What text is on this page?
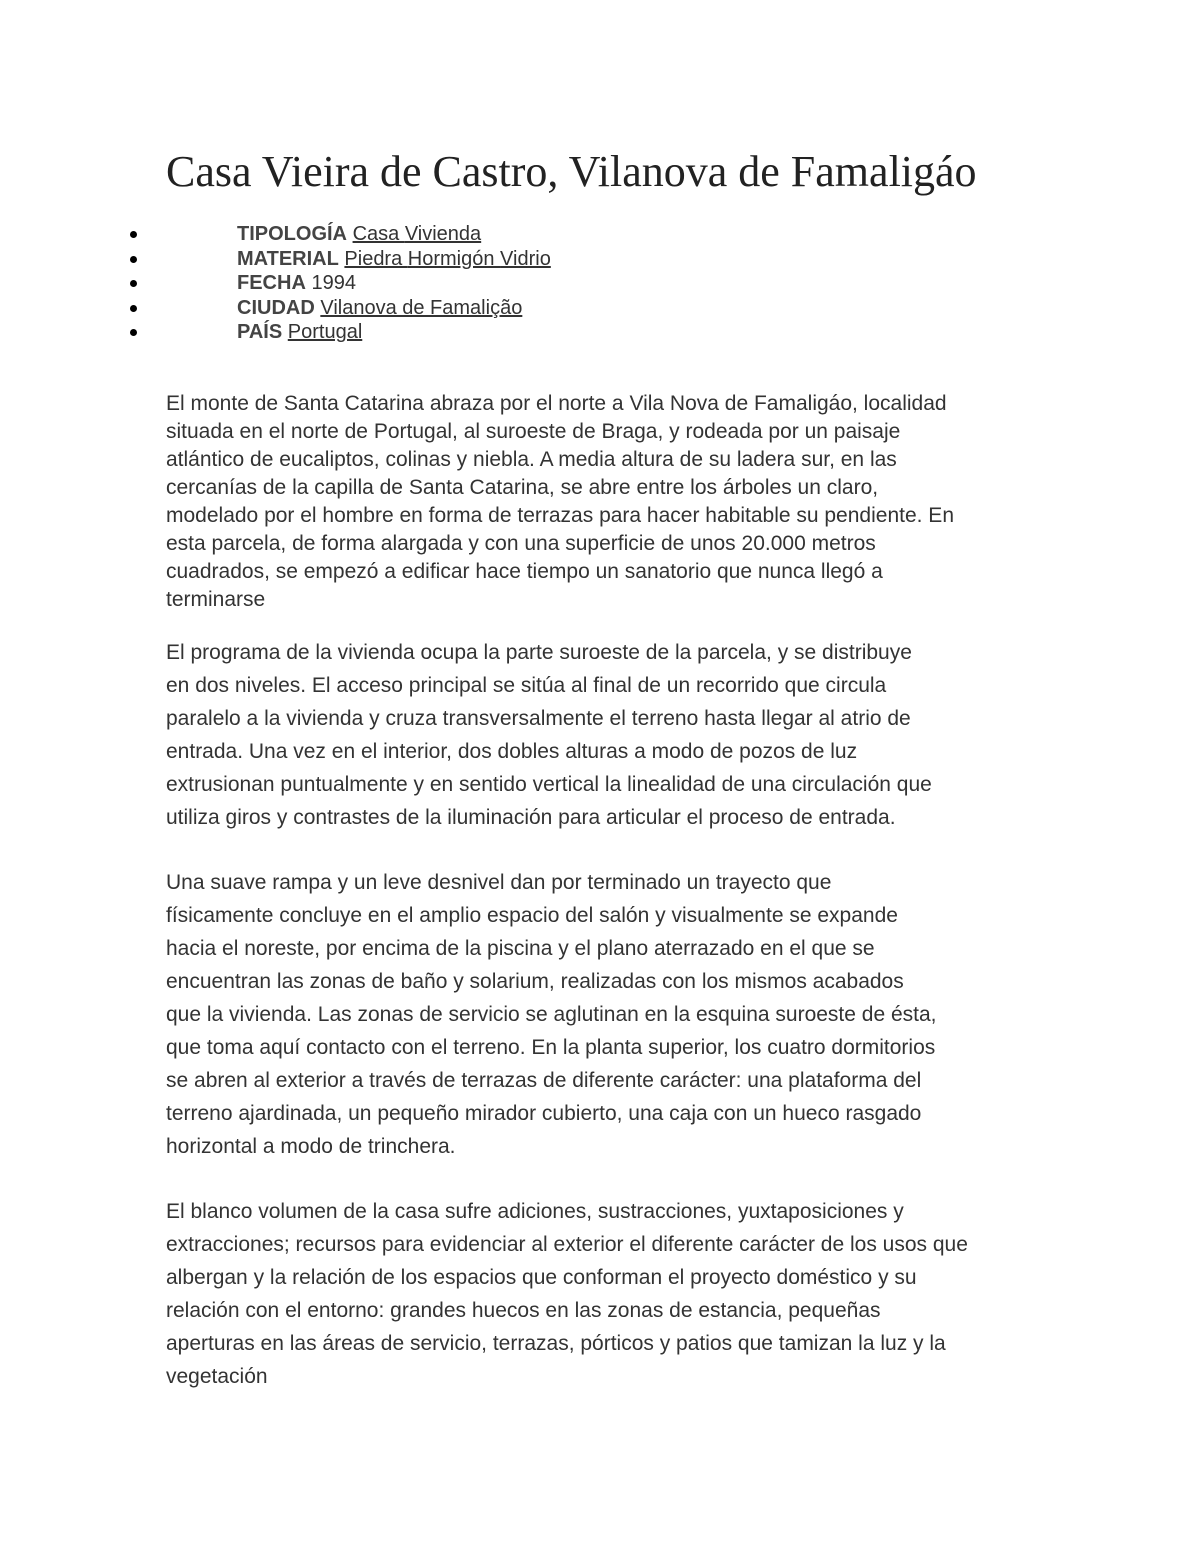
Casa Vieira de Castro, Vilanova de Famaligáo
TIPOLOGÍA Casa Vivienda
MATERIAL Piedra Hormigón Vidrio
FECHA 1994
CIUDAD Vilanova de Famalição
PAÍS Portugal

El monte de Santa Catarina abraza por el norte a Vila Nova de Famaligáo, localidad
situada en el norte de Portugal, al suroeste de Braga, y rodeada por un paisaje
atlántico de eucaliptos, colinas y niebla. A media altura de su ladera sur, en las
cercanías de la capilla de Santa Catarina, se abre entre los árboles un claro,
modelado por el hombre en forma de terrazas para hacer habitable su pendiente. En
esta parcela, de forma alargada y con una superficie de unos 20.000 metros
cuadrados, se empezó a edificar hace tiempo un sanatorio que nunca llegó a
terminarse

El programa de la vivienda ocupa la parte suroeste de la parcela, y se distribuye
en dos niveles. El acceso principal se sitúa al final de un recorrido que circula
paralelo a la vivienda y cruza transversalmente el terreno hasta llegar al atrio de
entrada. Una vez en el interior, dos dobles alturas a modo de pozos de luz
extrusionan puntualmente y en sentido vertical la linealidad de una circulación que
utiliza giros y contrastes de la iluminación para articular el proceso de entrada.

Una suave rampa y un leve desnivel dan por terminado un trayecto que
físicamente concluye en el amplio espacio del salón y visualmente se expande
hacia el noreste, por encima de la piscina y el plano aterrazado en el que se
encuentran las zonas de baño y solarium, realizadas con los mismos acabados
que la vivienda. Las zonas de servicio se aglutinan en la esquina suroeste de ésta,
que toma aquí contacto con el terreno. En la planta superior, los cuatro dormitorios
se abren al exterior a través de terrazas de diferente carácter: una plataforma del
terreno ajardinada, un pequeño mirador cubierto, una caja con un hueco rasgado
horizontal a modo de trinchera.

El blanco volumen de la casa sufre adiciones, sustracciones, yuxtaposiciones y
extracciones; recursos para evidenciar al exterior el diferente carácter de los usos que
albergan y la relación de los espacios que conforman el proyecto doméstico y su
relación con el entorno: grandes huecos en las zonas de estancia, pequeñas
aperturas en las áreas de servicio, terrazas, pórticos y patios que tamizan la luz y la
vegetación
